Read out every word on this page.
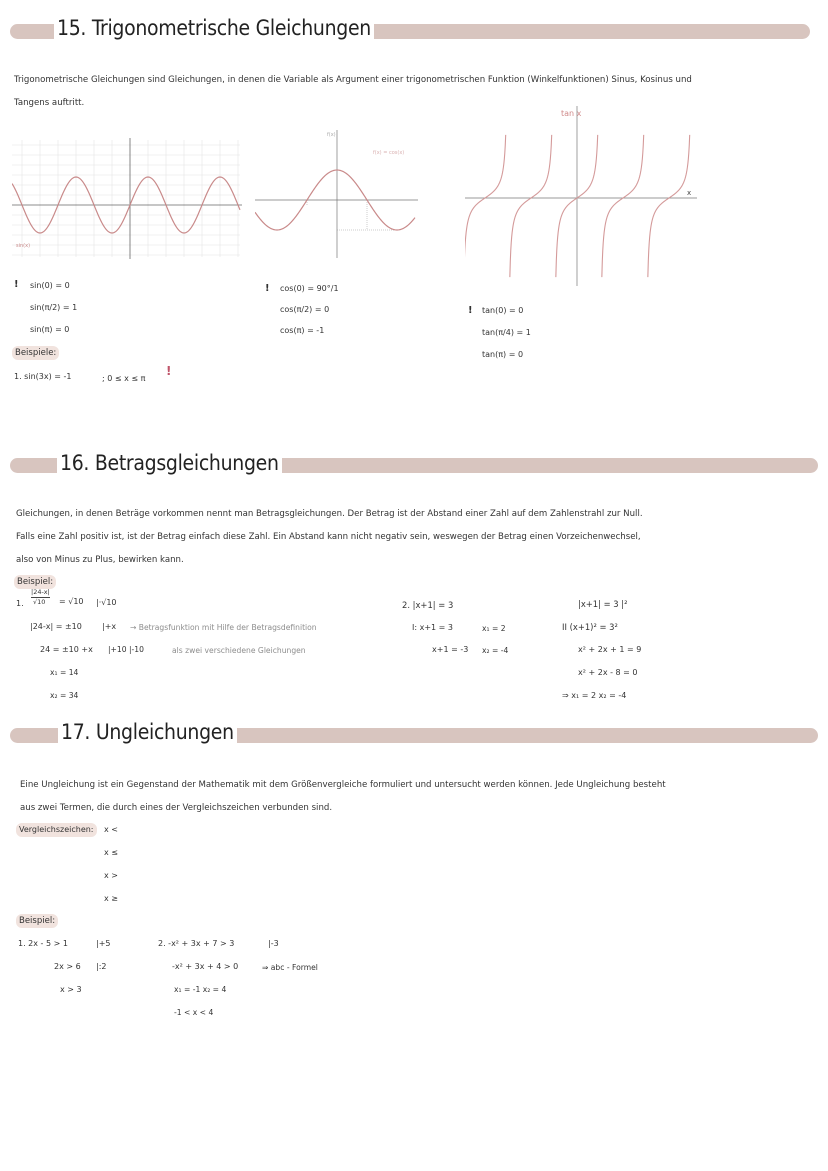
15. Trigonometrische Gleichungen
Trigonometrische Gleichungen sind Gleichungen, in denen die Variable als Argument einer trigonometrischen Funktion (Winkelfunktionen) Sinus, Kosinus und
Tangens auftritt.
sin(x)
f(x)
f(x) = cos(x)
tan x
x
! sin(0) = 0
sin(π/2) = 1
sin(π) = 0
! cos(0) = 90°/1
cos(π/2) = 0
cos(π) = -1
! tan(0) = 0
tan(π/4) = 1
tan(π) = 0
Beispiele:
1. sin(3x) = -1	; 0 ≤ x ≤ π
!
16. Betragsgleichungen
Gleichungen, in denen Beträge vorkommen nennt man Betragsgleichungen. Der Betrag ist der Abstand einer Zahl auf dem Zahlenstrahl zur Null.
Falls eine Zahl positiv ist, ist der Betrag einfach diese Zahl. Ein Abstand kann nicht negativ sein, weswegen der Betrag einen Vorzeichenwechsel,
also von Minus zu Plus, bewirken kann.
Beispiel:
1.
|24-x|
√10 = √10 |·√10
|24-x| = ±10	|+x → Betragsfunktion mit Hilfe der Betragsdefinition
24 = ±10 +x |+10 |-10	als zwei verschiedene Gleichungen
x₁ = 14
x₂ = 34
2. |x+1| = 3
I: x+1 = 3	x₁ = 2
x+1 = -3 x₂ = -4
|x+1| = 3 |²
II (x+1)² = 3²
x² + 2x + 1 = 9
x² + 2x - 8 = 0
⇒ x₁ = 2 x₂ = -4
17. Ungleichungen
Eine Ungleichung ist ein Gegenstand der Mathematik mit dem Größenvergleiche formuliert und untersucht werden können. Jede Ungleichung besteht
aus zwei Termen, die durch eines der Vergleichszeichen verbunden sind.
Vergleichszeichen:	x <
x ≤
x >
x ≥
Beispiel:
1. 2x - 5 > 1	|+5
2x > 6 |:2
x > 3
2. -x² + 3x + 7 > 3	|-3
-x² + 3x + 4 > 0	⇒ abc - Formel
x₁ = -1 x₂ = 4
-1 < x < 4
